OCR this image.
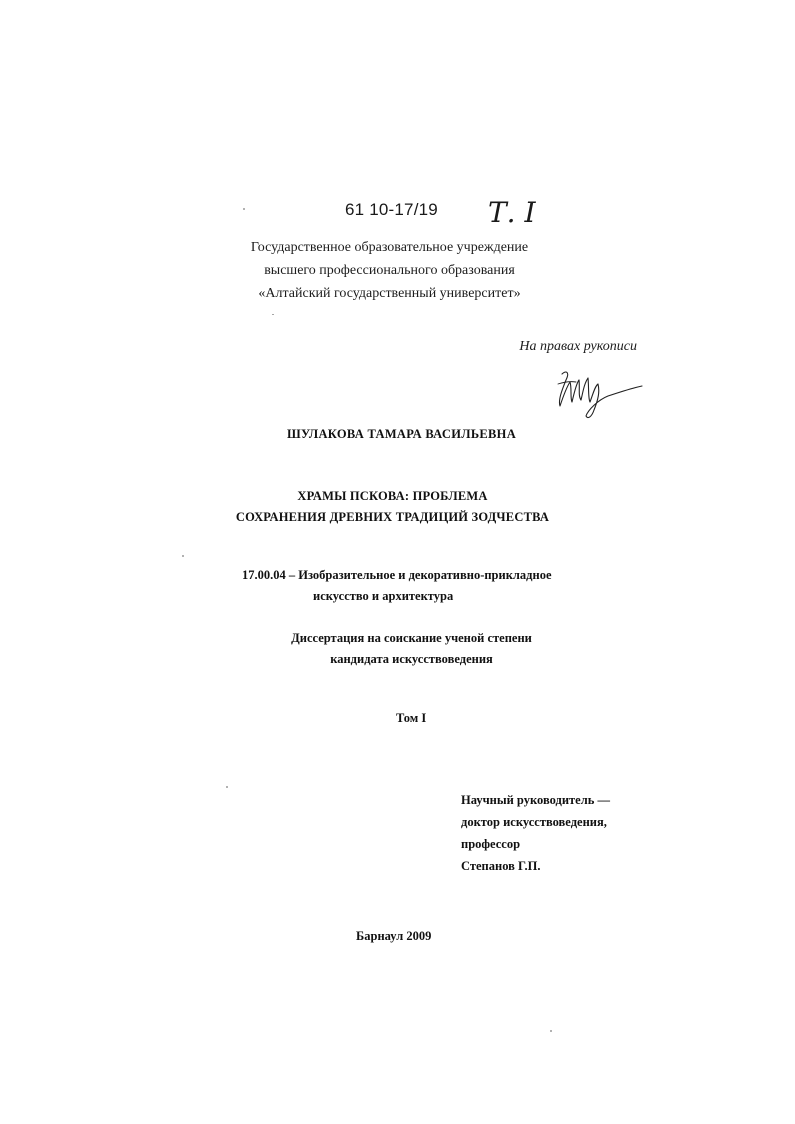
61 10-17/19 Т. I
Государственное образовательное учреждение
высшего профессионального образования
«Алтайский государственный университет»
На правах рукописи
ШУЛАКОВА ТАМАРА ВАСИЛЬЕВНА
ХРАМЫ ПСКОВА: ПРОБЛЕМА
СОХРАНЕНИЯ ДРЕВНИХ ТРАДИЦИЙ ЗОДЧЕСТВА
17.00.04 – Изобразительное и декоративно-прикладное
искусство и архитектура
Диссертация на соискание ученой степени
кандидата искусствоведения
Том I
Научный руководитель —
доктор искусствоведения,
профессор
Степанов Г.П.
Барнаул 2009
